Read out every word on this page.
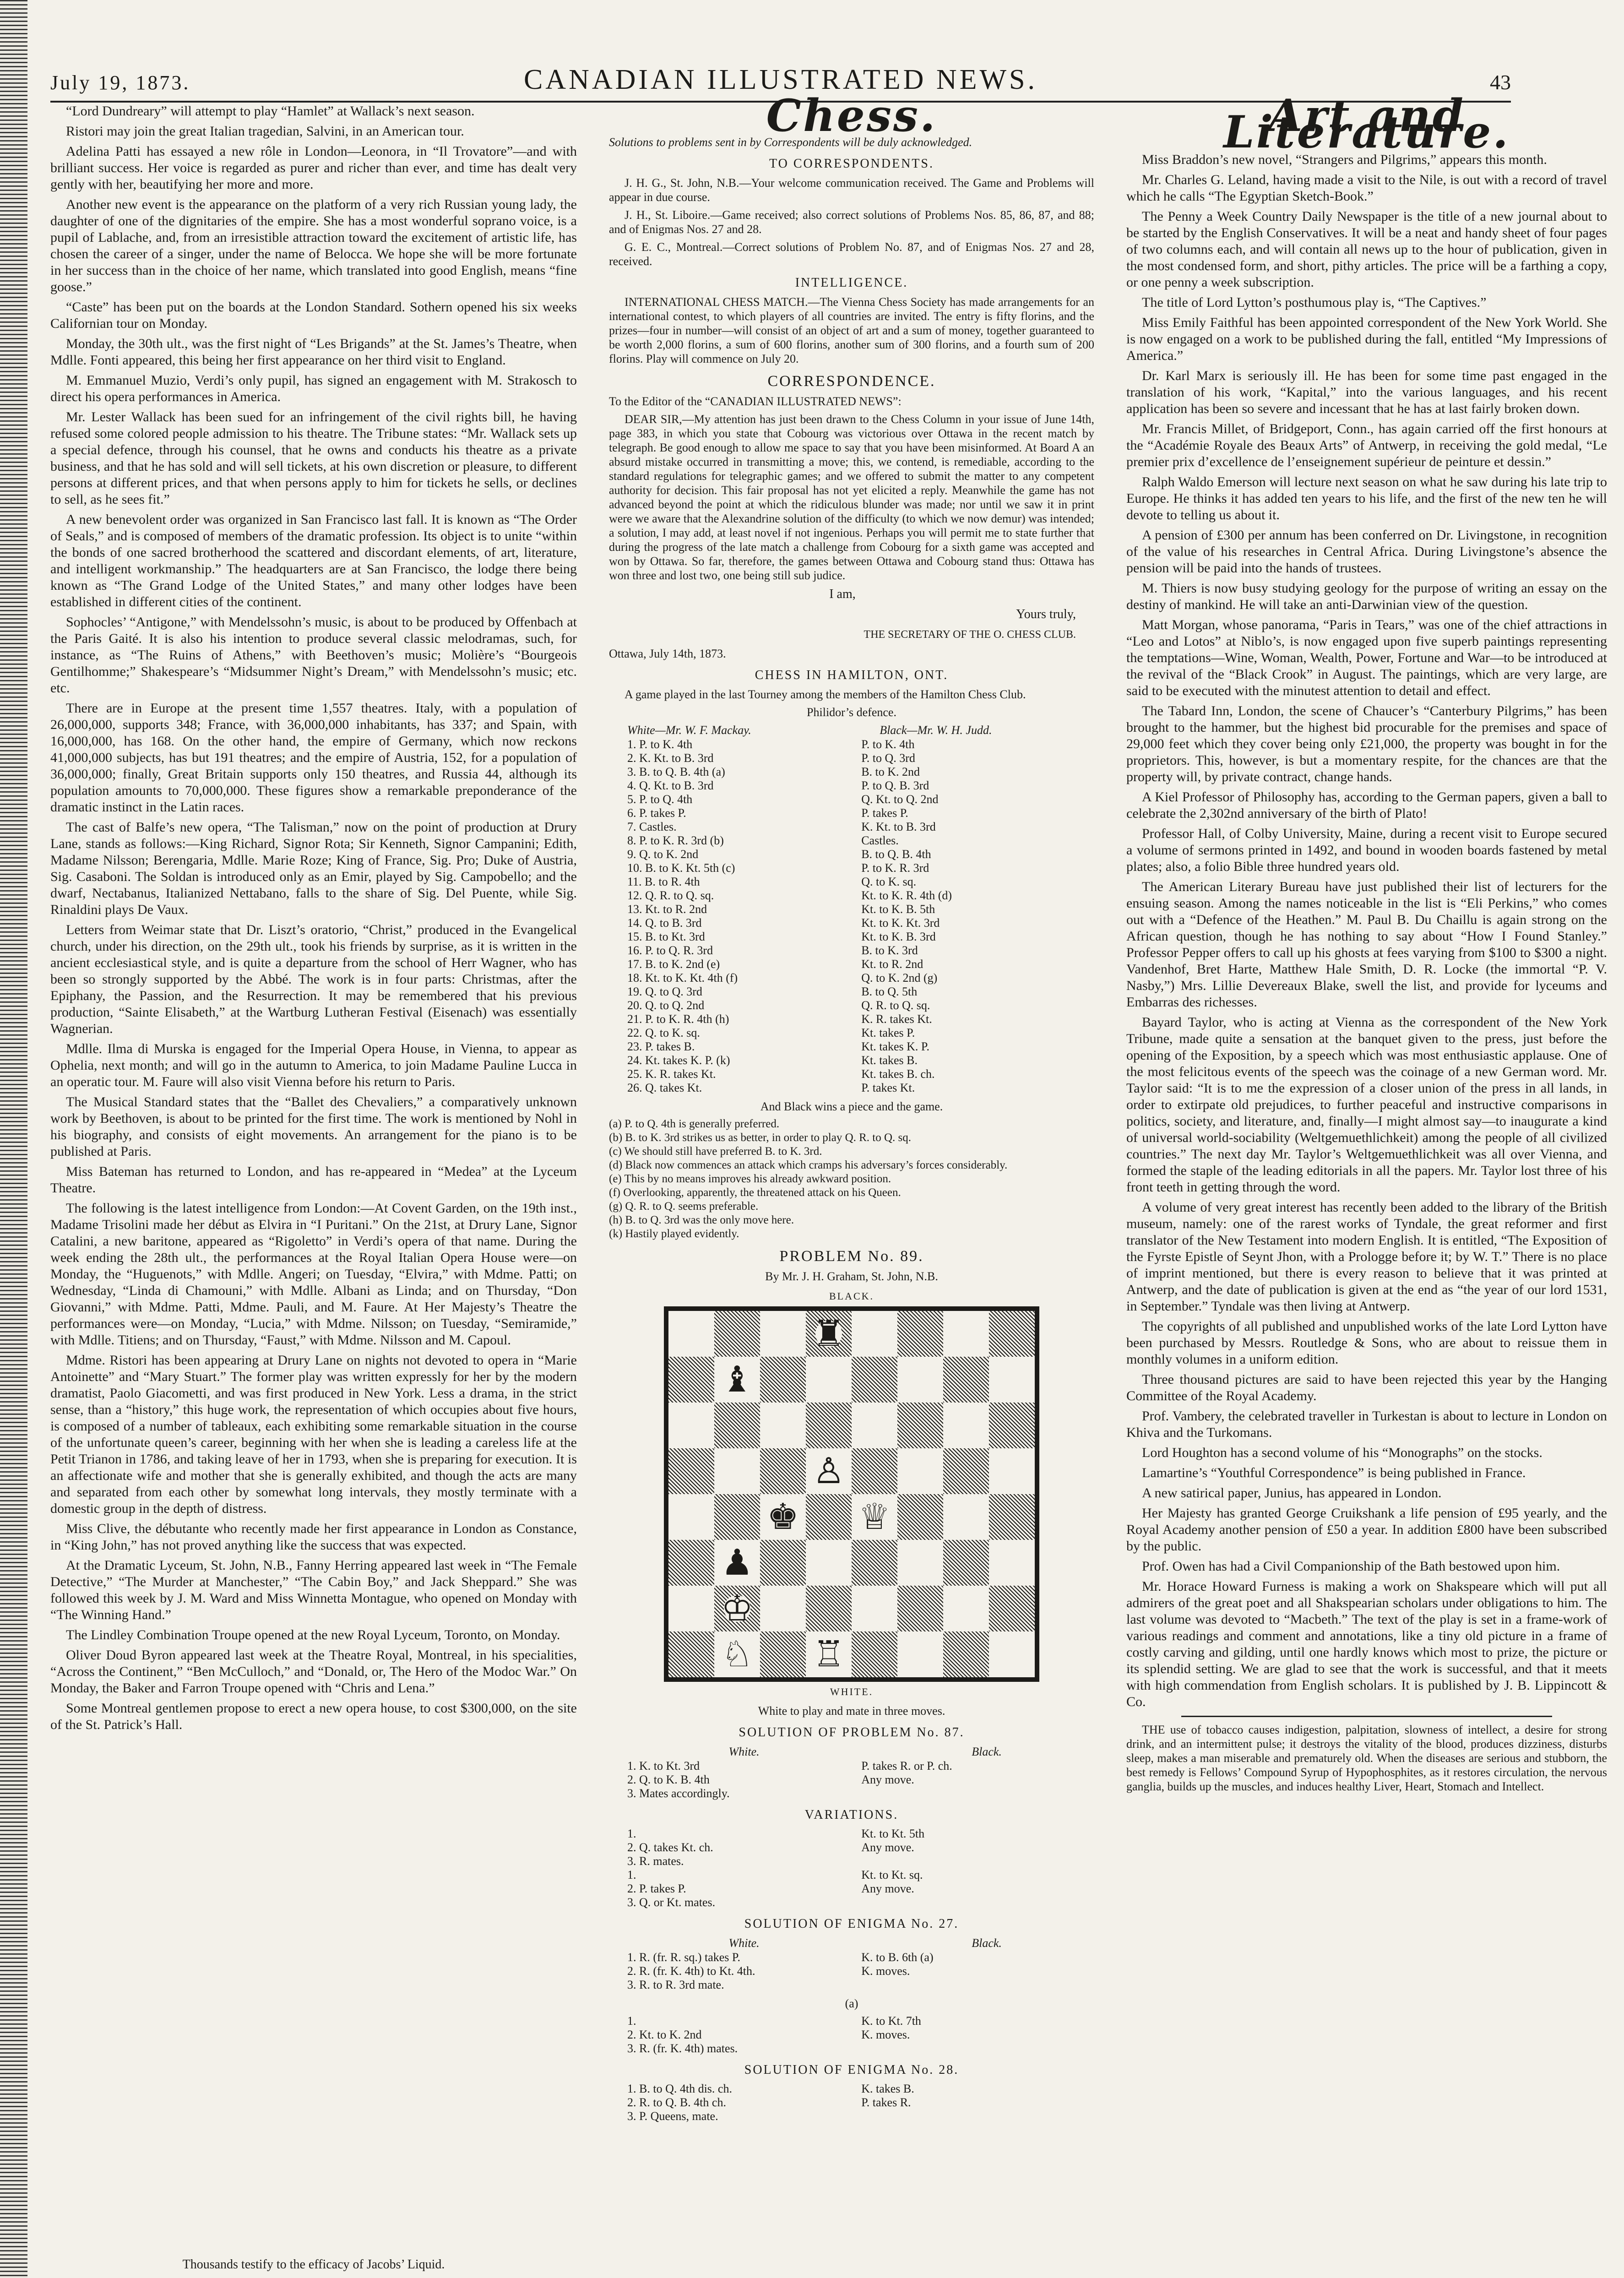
July 19, 1873.	CANADIAN ILLUSTRATED NEWS.	43

“Lord Dundreary” will attempt to play “Hamlet” at Wallack’s next season.

Ristori may join the great Italian tragedian, Salvini, in an American tour.

Adelina Patti has essayed a new rôle in London—Leonora, in “Il Trovatore”—and with brilliant success. Her voice is regarded as purer and richer than ever, and time has dealt very gently with her, beautifying her more and more.

Another new event is the appearance on the platform of a very rich Russian young lady, the daughter of one of the dignitaries of the empire. She has a most wonderful soprano voice, is a pupil of Lablache, and, from an irresistible attraction toward the excitement of artistic life, has chosen the career of a singer, under the name of Belocca. We hope she will be more fortunate in her success than in the choice of her name, which translated into good English, means “fine goose.”

“Caste” has been put on the boards at the London Standard. Sothern opened his six weeks Californian tour on Monday.

Monday, the 30th ult., was the first night of “Les Brigands” at the St. James’s Theatre, when Mdlle. Fonti appeared, this being her first appearance on her third visit to England.

M. Emmanuel Muzio, Verdi’s only pupil, has signed an engagement with M. Strakosch to direct his opera performances in America.

Mr. Lester Wallack has been sued for an infringement of the civil rights bill, he having refused some colored people admission to his theatre. The Tribune states: “Mr. Wallack sets up a special defence, through his counsel, that he owns and conducts his theatre as a private business, and that he has sold and will sell tickets, at his own discretion or pleasure, to different persons at different prices, and that when persons apply to him for tickets he sells, or declines to sell, as he sees fit.”

A new benevolent order was organized in San Francisco last fall. It is known as “The Order of Seals,” and is composed of members of the dramatic profession. Its object is to unite “within the bonds of one sacred brotherhood the scattered and discordant elements, of art, literature, and intelligent workmanship.” The headquarters are at San Francisco, the lodge there being known as “The Grand Lodge of the United States,” and many other lodges have been established in different cities of the continent.

Sophocles’ “Antigone,” with Mendelssohn’s music, is about to be produced by Offenbach at the Paris Gaité. It is also his intention to produce several classic melodramas, such, for instance, as “The Ruins of Athens,” with Beethoven’s music; Molière’s “Bourgeois Gentilhomme;” Shakespeare’s “Midsummer Night’s Dream,” with Mendelssohn’s music; etc. etc.

There are in Europe at the present time 1,557 theatres. Italy, with a population of 26,000,000, supports 348; France, with 36,000,000 inhabitants, has 337; and Spain, with 16,000,000, has 168. On the other hand, the empire of Germany, which now reckons 41,000,000 subjects, has but 191 theatres; and the empire of Austria, 152, for a population of 36,000,000; finally, Great Britain supports only 150 theatres, and Russia 44, although its population amounts to 70,000,000. These figures show a remarkable preponderance of the dramatic instinct in the Latin races.

The cast of Balfe’s new opera, “The Talisman,” now on the point of production at Drury Lane, stands as follows:—King Richard, Signor Rota; Sir Kenneth, Signor Campanini; Edith, Madame Nilsson; Berengaria, Mdlle. Marie Roze; King of France, Sig. Pro; Duke of Austria, Sig. Casaboni. The Soldan is introduced only as an Emir, played by Sig. Campobello; and the dwarf, Nectabanus, Italianized Nettabano, falls to the share of Sig. Del Puente, while Sig. Rinaldini plays De Vaux.

Letters from Weimar state that Dr. Liszt’s oratorio, “Christ,” produced in the Evangelical church, under his direction, on the 29th ult., took his friends by surprise, as it is written in the ancient ecclesiastical style, and is quite a departure from the school of Herr Wagner, who has been so strongly supported by the Abbé. The work is in four parts: Christmas, after the Epiphany, the Passion, and the Resurrection. It may be remembered that his previous production, “Sainte Elisabeth,” at the Wartburg Lutheran Festival (Eisenach) was essentially Wagnerian.

Mdlle. Ilma di Murska is engaged for the Imperial Opera House, in Vienna, to appear as Ophelia, next month; and will go in the autumn to America, to join Madame Pauline Lucca in an operatic tour. M. Faure will also visit Vienna before his return to Paris.

The Musical Standard states that the “Ballet des Chevaliers,” a comparatively unknown work by Beethoven, is about to be printed for the first time. The work is mentioned by Nohl in his biography, and consists of eight movements. An arrangement for the piano is to be published at Paris.

Miss Bateman has returned to London, and has re-appeared in “Medea” at the Lyceum Theatre.

The following is the latest intelligence from London:—At Covent Garden, on the 19th inst., Madame Trisolini made her début as Elvira in “I Puritani.” On the 21st, at Drury Lane, Signor Catalini, a new baritone, appeared as “Rigoletto” in Verdi’s opera of that name. During the week ending the 28th ult., the performances at the Royal Italian Opera House were—on Monday, the “Huguenots,” with Mdlle. Angeri; on Tuesday, “Elvira,” with Mdme. Patti; on Wednesday, “Linda di Chamouni,” with Mdlle. Albani as Linda; and on Thursday, “Don Giovanni,” with Mdme. Patti, Mdme. Pauli, and M. Faure. At Her Majesty’s Theatre the performances were—on Monday, “Lucia,” with Mdme. Nilsson; on Tuesday, “Semiramide,” with Mdlle. Titiens; and on Thursday, “Faust,” with Mdme. Nilsson and M. Capoul.

Mdme. Ristori has been appearing at Drury Lane on nights not devoted to opera in “Marie Antoinette” and “Mary Stuart.” The former play was written expressly for her by the modern dramatist, Paolo Giacometti, and was first produced in New York. Less a drama, in the strict sense, than a “history,” this huge work, the representation of which occupies about five hours, is composed of a number of tableaux, each exhibiting some remarkable situation in the course of the unfortunate queen’s career, beginning with her when she is leading a careless life at the Petit Trianon in 1786, and taking leave of her in 1793, when she is preparing for execution. It is an affectionate wife and mother that she is generally exhibited, and though the acts are many and separated from each other by somewhat long intervals, they mostly terminate with a domestic group in the depth of distress.

Miss Clive, the débutante who recently made her first appearance in London as Constance, in “King John,” has not proved anything like the success that was expected.

At the Dramatic Lyceum, St. John, N.B., Fanny Herring appeared last week in “The Female Detective,” “The Murder at Manchester,” “The Cabin Boy,” and Jack Sheppard.” She was followed this week by J. M. Ward and Miss Winnetta Montague, who opened on Monday with “The Winning Hand.”

The Lindley Combination Troupe opened at the new Royal Lyceum, Toronto, on Monday.

Oliver Doud Byron appeared last week at the Theatre Royal, Montreal, in his specialities, “Across the Continent,” “Ben McCulloch,” and “Donald, or, The Hero of the Modoc War.” On Monday, the Baker and Farron Troupe opened with “Chris and Lena.”

Some Montreal gentlemen propose to erect a new opera house, to cost $300,000, on the site of the St. Patrick’s Hall.

Chess.

Solutions to problems sent in by Correspondents will be duly acknowledged.

TO CORRESPONDENTS.

J. H. G., St. John, N.B.—Your welcome communication received. The Game and Problems will appear in due course.

J. H., St. Liboire.—Game received; also correct solutions of Problems Nos. 85, 86, 87, and 88; and of Enigmas Nos. 27 and 28.

G. E. C., Montreal.—Correct solutions of Problem No. 87, and of Enigmas Nos. 27 and 28, received.

INTELLIGENCE.

INTERNATIONAL CHESS MATCH.—The Vienna Chess Society has made arrangements for an international contest, to which players of all countries are invited. The entry is fifty florins, and the prizes—four in number—will consist of an object of art and a sum of money, together guaranteed to be worth 2,000 florins, a sum of 600 florins, another sum of 300 florins, and a fourth sum of 200 florins. Play will commence on July 20.

CORRESPONDENCE.

To the Editor of the “CANADIAN ILLUSTRATED NEWS”:

DEAR SIR,—My attention has just been drawn to the Chess Column in your issue of June 14th, page 383, in which you state that Cobourg was victorious over Ottawa in the recent match by telegraph. Be good enough to allow me space to say that you have been misinformed. At Board A an absurd mistake occurred in transmitting a move; this, we contend, is remediable, according to the standard regulations for telegraphic games; and we offered to submit the matter to any competent authority for decision. This fair proposal has not yet elicited a reply. Meanwhile the game has not advanced beyond the point at which the ridiculous blunder was made; nor until we saw it in print were we aware that the Alexandrine solution of the difficulty (to which we now demur) was intended; a solution, I may add, at least novel if not ingenious. Perhaps you will permit me to state further that during the progress of the late match a challenge from Cobourg for a sixth game was accepted and won by Ottawa. So far, therefore, the games between Ottawa and Cobourg stand thus: Ottawa has won three and lost two, one being still sub judice.

I am,
Yours truly,
THE SECRETARY OF THE O. CHESS CLUB.

Ottawa, July 14th, 1873.

CHESS IN HAMILTON, ONT.

A game played in the last Tourney among the members of the Hamilton Chess Club.

Philidor’s defence.

White—Mr. W. F. Mackay.	Black—Mr. W. H. Judd.
1. P. to K. 4th	P. to K. 4th
2. K. Kt. to B. 3rd	P. to Q. 3rd
3. B. to Q. B. 4th (a)	B. to K. 2nd
4. Q. Kt. to B. 3rd	P. to Q. B. 3rd
5. P. to Q. 4th	Q. Kt. to Q. 2nd
6. P. takes P.	P. takes P.
7. Castles.	K. Kt. to B. 3rd
8. P. to K. R. 3rd (b)	Castles.
9. Q. to K. 2nd	B. to Q. B. 4th
10. B. to K. Kt. 5th (c)	P. to K. R. 3rd
11. B. to R. 4th	Q. to K. sq.
12. Q. R. to Q. sq.	Kt. to K. R. 4th (d)
13. Kt. to R. 2nd	Kt. to K. B. 5th
14. Q. to B. 3rd	Kt. to K. Kt. 3rd
15. B. to Kt. 3rd	Kt. to K. B. 3rd
16. P. to Q. R. 3rd	B. to K. 3rd
17. B. to K. 2nd (e)	Kt. to R. 2nd
18. Kt. to K. Kt. 4th (f)	Q. to K. 2nd (g)
19. Q. to Q. 3rd	B. to Q. 5th
20. Q. to Q. 2nd	Q. R. to Q. sq.
21. P. to K. R. 4th (h)	K. R. takes Kt.
22. Q. to K. sq.	Kt. takes P.
23. P. takes B.	Kt. takes K. P.
24. Kt. takes K. P. (k)	Kt. takes B.
25. K. R. takes Kt.	Kt. takes B. ch.
26. Q. takes Kt.	P. takes Kt.

And Black wins a piece and the game.

(a) P. to Q. 4th is generally preferred.

(b) B. to K. 3rd strikes us as better, in order to play Q. R. to Q. sq.

(c) We should still have preferred B. to K. 3rd.

(d) Black now commences an attack which cramps his adversary’s forces considerably.

(e) This by no means improves his already awkward position.

(f) Overlooking, apparently, the threatened attack on his Queen.

(g) Q. R. to Q. seems preferable.

(h) B. to Q. 3rd was the only move here.

(k) Hastily played evidently.

PROBLEM No. 89.

By Mr. J. H. Graham, St. John, N.B.

BLACK.
♜
♝
♙
♚ ♕
♟
♔
♘ ♖
WHITE.

White to play and mate in three moves.

SOLUTION OF PROBLEM No. 87.
White.	Black.
1. K. to Kt. 3rd	P. takes R. or P. ch.
2. Q. to K. B. 4th	Any move.
3. Mates accordingly.	
VARIATIONS.
1.	Kt. to Kt. 5th
2. Q. takes Kt. ch.	Any move.
3. R. mates.	

1.	Kt. to Kt. sq.
2. P. takes P.	Any move.
3. Q. or Kt. mates.	
SOLUTION OF ENIGMA No. 27.
White.	Black.
1. R. (fr. R. sq.) takes P.	K. to B. 6th (a)
2. R. (fr. K. 4th) to Kt. 4th.	K. moves.
3. R. to R. 3rd mate.	

(a)

1.	K. to Kt. 7th
2. Kt. to K. 2nd	K. moves.
3. R. (fr. K. 4th) mates.	
SOLUTION OF ENIGMA No. 28.
1. B. to Q. 4th dis. ch.	K. takes B.
2. R. to Q. B. 4th ch.	P. takes R.
3. P. Queens, mate.	
Art and Literature.

Miss Braddon’s new novel, “Strangers and Pilgrims,” appears this month.

Mr. Charles G. Leland, having made a visit to the Nile, is out with a record of travel which he calls “The Egyptian Sketch-Book.”

The Penny a Week Country Daily Newspaper is the title of a new journal about to be started by the English Conservatives. It will be a neat and handy sheet of four pages of two columns each, and will contain all news up to the hour of publication, given in the most condensed form, and short, pithy articles. The price will be a farthing a copy, or one penny a week subscription.

The title of Lord Lytton’s posthumous play is, “The Captives.”

Miss Emily Faithful has been appointed correspondent of the New York World. She is now engaged on a work to be published during the fall, entitled “My Impressions of America.”

Dr. Karl Marx is seriously ill. He has been for some time past engaged in the translation of his work, “Kapital,” into the various languages, and his recent application has been so severe and incessant that he has at last fairly broken down.

Mr. Francis Millet, of Bridgeport, Conn., has again carried off the first honours at the “Académie Royale des Beaux Arts” of Antwerp, in receiving the gold medal, “Le premier prix d’excellence de l’enseignement supérieur de peinture et dessin.”

Ralph Waldo Emerson will lecture next season on what he saw during his late trip to Europe. He thinks it has added ten years to his life, and the first of the new ten he will devote to telling us about it.

A pension of £300 per annum has been conferred on Dr. Livingstone, in recognition of the value of his researches in Central Africa. During Livingstone’s absence the pension will be paid into the hands of trustees.

M. Thiers is now busy studying geology for the purpose of writing an essay on the destiny of mankind. He will take an anti-Darwinian view of the question.

Matt Morgan, whose panorama, “Paris in Tears,” was one of the chief attractions in “Leo and Lotos” at Niblo’s, is now engaged upon five superb paintings representing the temptations—Wine, Woman, Wealth, Power, Fortune and War—to be introduced at the revival of the “Black Crook” in August. The paintings, which are very large, are said to be executed with the minutest attention to detail and effect.

The Tabard Inn, London, the scene of Chaucer’s “Canterbury Pilgrims,” has been brought to the hammer, but the highest bid procurable for the premises and space of 29,000 feet which they cover being only £21,000, the property was bought in for the proprietors. This, however, is but a momentary respite, for the chances are that the property will, by private contract, change hands.

A Kiel Professor of Philosophy has, according to the German papers, given a ball to celebrate the 2,302nd anniversary of the birth of Plato!

Professor Hall, of Colby University, Maine, during a recent visit to Europe secured a volume of sermons printed in 1492, and bound in wooden boards fastened by metal plates; also, a folio Bible three hundred years old.

The American Literary Bureau have just published their list of lecturers for the ensuing season. Among the names noticeable in the list is “Eli Perkins,” who comes out with a “Defence of the Heathen.” M. Paul B. Du Chaillu is again strong on the African question, though he has nothing to say about “How I Found Stanley.” Professor Pepper offers to call up his ghosts at fees varying from $100 to $300 a night. Vandenhof, Bret Harte, Matthew Hale Smith, D. R. Locke (the immortal “P. V. Nasby,”) Mrs. Lillie Devereaux Blake, swell the list, and provide for lyceums and Embarras des richesses.

Bayard Taylor, who is acting at Vienna as the correspondent of the New York Tribune, made quite a sensation at the banquet given to the press, just before the opening of the Exposition, by a speech which was most enthusiastic applause. One of the most felicitous events of the speech was the coinage of a new German word. Mr. Taylor said: “It is to me the expression of a closer union of the press in all lands, in order to extirpate old prejudices, to further peaceful and instructive comparisons in politics, society, and literature, and, finally—I might almost say—to inaugurate a kind of universal world-sociability (Weltgemuethlichkeit) among the people of all civilized countries.” The next day Mr. Taylor’s Weltgemuethlichkeit was all over Vienna, and formed the staple of the leading editorials in all the papers. Mr. Taylor lost three of his front teeth in getting through the word.

A volume of very great interest has recently been added to the library of the British museum, namely: one of the rarest works of Tyndale, the great reformer and first translator of the New Testament into modern English. It is entitled, “The Exposition of the Fyrste Epistle of Seynt Jhon, with a Prologge before it; by W. T.” There is no place of imprint mentioned, but there is every reason to believe that it was printed at Antwerp, and the date of publication is given at the end as “the year of our lord 1531, in September.” Tyndale was then living at Antwerp.

The copyrights of all published and unpublished works of the late Lord Lytton have been purchased by Messrs. Routledge & Sons, who are about to reissue them in monthly volumes in a uniform edition.

Three thousand pictures are said to have been rejected this year by the Hanging Committee of the Royal Academy.

Prof. Vambery, the celebrated traveller in Turkestan is about to lecture in London on Khiva and the Turkomans.

Lord Houghton has a second volume of his “Monographs” on the stocks.

Lamartine’s “Youthful Correspondence” is being published in France.

A new satirical paper, Junius, has appeared in London.

Her Majesty has granted George Cruikshank a life pension of £95 yearly, and the Royal Academy another pension of £50 a year. In addition £800 have been subscribed by the public.

Prof. Owen has had a Civil Companionship of the Bath bestowed upon him.

Mr. Horace Howard Furness is making a work on Shakspeare which will put all admirers of the great poet and all Shakspearian scholars under obligations to him. The last volume was devoted to “Macbeth.” The text of the play is set in a frame-work of various readings and comment and annotations, like a tiny old picture in a frame of costly carving and gilding, until one hardly knows which most to prize, the picture or its splendid setting. We are glad to see that the work is successful, and that it meets with high commendation from English scholars. It is published by J. B. Lippincott & Co.

THE use of tobacco causes indigestion, palpitation, slowness of intellect, a desire for strong drink, and an intermittent pulse; it destroys the vitality of the blood, produces dizziness, disturbs sleep, makes a man miserable and prematurely old. When the diseases are serious and stubborn, the best remedy is Fellows’ Compound Syrup of Hypophosphites, as it restores circulation, the nervous ganglia, builds up the muscles, and induces healthy Liver, Heart, Stomach and Intellect.

Thousands testify to the efficacy of Jacobs’ Liquid.
